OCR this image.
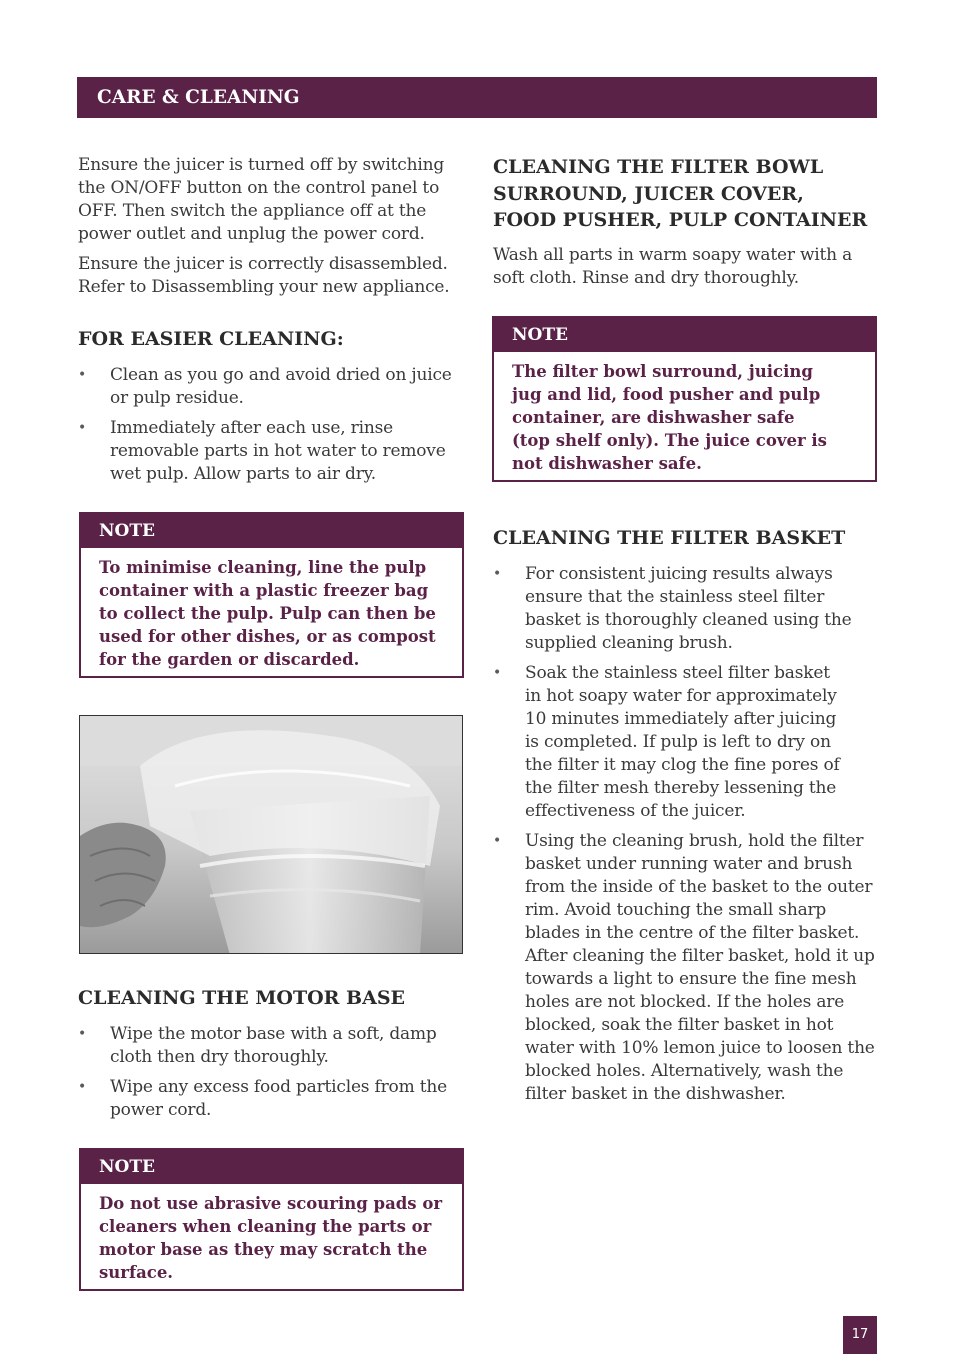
CARE & CLEANING

Ensure the juicer is turned off by switching the ON/OFF button on the control panel to OFF. Then switch the appliance off at the power outlet and unplug the power cord.

Ensure the juicer is correctly disassembled. Refer to Disassembling your new appliance.

FOR EASIER CLEANING:
• Clean as you go and avoid dried on juice or pulp residue.
• Immediately after each use, rinse removable parts in hot water to remove wet pulp. Allow parts to air dry.
NOTE
To minimise cleaning, line the pulp container with a plastic freezer bag to collect the pulp. Pulp can then be used for other dishes, or as compost for the garden or discarded.
CLEANING THE MOTOR BASE
• Wipe the motor base with a soft, damp cloth then dry thoroughly.
• Wipe any excess food particles from the power cord.
NOTE
Do not use abrasive scouring pads or cleaners when cleaning the parts or motor base as they may scratch the surface.
CLEANING THE FILTER BOWL SURROUND, JUICER COVER, FOOD PUSHER, PULP CONTAINER

Wash all parts in warm soapy water with a soft cloth. Rinse and dry thoroughly.

NOTE
The filter bowl surround, juicing jug and lid, food pusher and pulp container, are dishwasher safe (top shelf only). The juice cover is not dishwasher safe.
CLEANING THE FILTER BASKET
• For consistent juicing results always ensure that the stainless steel filter basket is thoroughly cleaned using the supplied cleaning brush.
• Soak the stainless steel filter basket in hot soapy water for approximately 10 minutes immediately after juicing is completed. If pulp is left to dry on the filter it may clog the fine pores of the filter mesh thereby lessening the effectiveness of the juicer.
• Using the cleaning brush, hold the filter basket under running water and brush from the inside of the basket to the outer rim. Avoid touching the small sharp blades in the centre of the filter basket. After cleaning the filter basket, hold it up towards a light to ensure the fine mesh holes are not blocked. If the holes are blocked, soak the filter basket in hot water with 10% lemon juice to loosen the blocked holes. Alternatively, wash the filter basket in the dishwasher.
17
